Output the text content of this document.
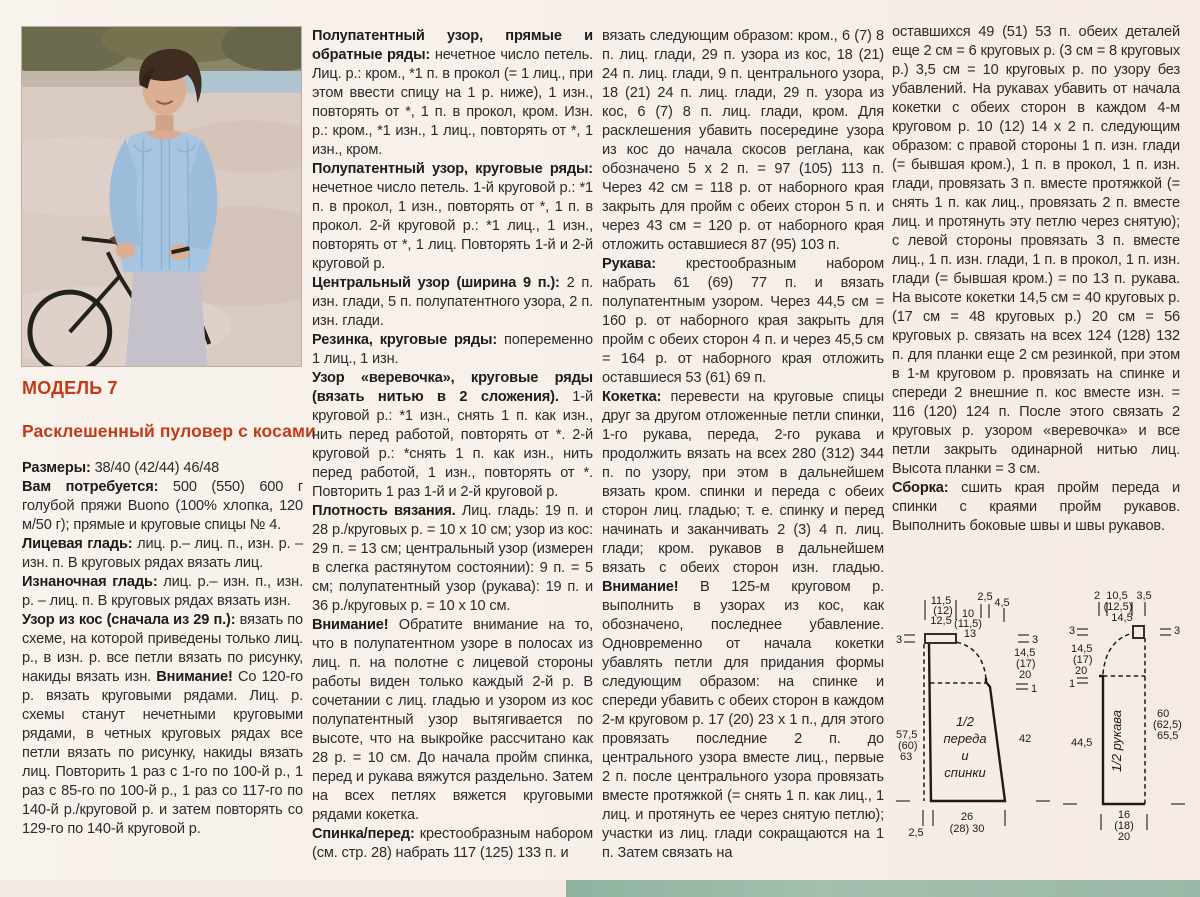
МОДЕЛЬ 7
Расклешенный пуловер с косами

Размеры: 38/40 (42/44) 46/48

Вам потребуется: 500 (550) 600 г голубой пряжи Buono (100% хлопка, 120 м/50 г); прямые и круговые спицы № 4.

Лицевая гладь: лиц. р.– лиц. п., изн. р. – изн. п. В круговых рядах вязать лиц.

Изнаночная гладь: лиц. р.– изн. п., изн. р. – лиц. п. В круговых рядах вязать изн.

Узор из кос (сначала из 29 п.): вязать по схеме, на которой приведены только лиц. р., в изн. р. все петли вязать по рисунку, накиды вязать изн. Внимание! Со 120-го р. вязать круговыми рядами. Лиц. р. схемы станут нечетными круговыми рядами, в четных круговых рядах все петли вязать по рисунку, накиды вязать лиц. Повторить 1 раз с 1-го по 100-й р., 1 раз с 85-го по 100-й р., 1 раз со 117-го по 140-й р./круговой р. и затем повторять со 129-го по 140-й круговой р.

Полупатентный узор, прямые и обратные ряды: нечетное число петель. Лиц. р.: кром., *1 п. в прокол (= 1 лиц., при этом ввести спицу на 1 р. ниже), 1 изн., повторять от *, 1 п. в прокол, кром. Изн. р.: кром., *1 изн., 1 лиц., повторять от *, 1 изн., кром.

Полупатентный узор, круговые ряды: нечетное число петель. 1-й круговой р.: *1 п. в прокол, 1 изн., повторять от *, 1 п. в прокол. 2-й круговой р.: *1 лиц., 1 изн., повторять от *, 1 лиц. Повторять 1-й и 2-й круговой р.

Центральный узор (ширина 9 п.): 2 п. изн. глади, 5 п. полупатентного узора, 2 п. изн. глади.

Резинка, круговые ряды: попеременно 1 лиц., 1 изн.

Узор «веревочка», круговые ряды (вязать нитью в 2 сложения). 1-й круговой р.: *1 изн., снять 1 п. как изн., нить перед работой, повторять от *. 2-й круговой р.: *снять 1 п. как изн., нить перед работой, 1 изн., повторять от *. Повторить 1 раз 1-й и 2-й круговой р.

Плотность вязания. Лиц. гладь: 19 п. и 28 р./круговых р. = 10 х 10 см; узор из кос: 29 п. = 13 см; центральный узор (измерен в слегка растянутом состоянии): 9 п. = 5 см; полупатентный узор (рукава): 19 п. и 36 р./круговых р. = 10 х 10 см.

Внимание! Обратите внимание на то, что в полупатентном узоре в полосах из лиц. п. на полотне с лицевой стороны работы виден только каждый 2-й р. В сочетании с лиц. гладью и узором из кос полупатентный узор вытягивается по высоте, что на выкройке рассчитано как 28 р. = 10 см. До начала пройм спинка, перед и рукава вяжутся раздельно. Затем на всех петлях вяжется круговыми рядами кокетка.

Спинка/перед: крестообразным набором (см. стр. 28) набрать 117 (125) 133 п. и

вязать следующим образом: кром., 6 (7) 8 п. лиц. глади, 29 п. узора из кос, 18 (21) 24 п. лиц. глади, 9 п. центрального узора, 18 (21) 24 п. лиц. глади, 29 п. узора из кос, 6 (7) 8 п. лиц. глади, кром. Для расклешения убавить посередине узора из кос до начала скосов реглана, как обозначено 5 х 2 п. = 97 (105) 113 п. Через 42 см = 118 р. от наборного края закрыть для пройм с обеих сторон 5 п. и через 43 см = 120 р. от наборного края отложить оставшиеся 87 (95) 103 п.

Рукава: крестообразным набором набрать 61 (69) 77 п. и вязать полупатентным узором. Через 44,5 см = 160 р. от наборного края закрыть для пройм с обеих сторон 4 п. и через 45,5 см = 164 р. от наборного края отложить оставшиеся 53 (61) 69 п.

Кокетка: перевести на круговые спицы друг за другом отложенные петли спинки, 1-го рукава, переда, 2-го рукава и продолжить вязать на всех 280 (312) 344 п. по узору, при этом в дальнейшем вязать кром. спинки и переда с обеих сторон лиц. гладью; т. е. спинку и перед начинать и заканчивать 2 (3) 4 п. лиц. глади; кром. рукавов в дальнейшем вязать с обеих сторон изн. гладью. Внимание! В 125-м круговом р. выполнить в узорах из кос, как обозначено, последнее убавление. Одновременно от начала кокетки убавлять петли для придания формы следующим образом: на спинке и спереди убавить с обеих сторон в каждом 2-м круговом р. 17 (20) 23 х 1 п., для этого провязать последние 2 п. до центрального узора вместе лиц., первые 2 п. после центрального узора провязать вместе протяжкой (= снять 1 п. как лиц., 1 лиц. и протянуть ее через снятую петлю); участки из лиц. глади сокращаются на 1 п. Затем связать на

оставшихся 49 (51) 53 п. обеих деталей еще 2 см = 6 круговых р. (3 см = 8 круговых р.) 3,5 см = 10 круговых р. по узору без убавлений. На рукавах убавить от начала кокетки с обеих сторон в каждом 4-м круговом р. 10 (12) 14 х 2 п. следующим образом: с правой стороны 1 п. изн. глади (= бывшая кром.), 1 п. в прокол, 1 п. изн. глади, провязать 3 п. вместе протяжкой (= снять 1 п. как лиц., провязать 2 п. вместе лиц. и протянуть эту петлю через снятую); с левой стороны провязать 3 п. вместе лиц., 1 п. изн. глади, 1 п. в прокол, 1 п. изн. глади (= бывшая кром.) = по 13 п. рукава. На высоте кокетки 14,5 см = 40 круговых р. (17 см = 48 круговых р.) 20 см = 56 круговых р. связать на всех 124 (128) 132 п. для планки еще 2 см резинкой, при этом в 1-м круговом р. провязать на спинке и спереди 2 внешние п. кос вместе изн. = 116 (120) 124 п. После этого связать 2 круговых р. узором «веревочка» и все петли закрыть одинарной нитью лиц. Высота планки = 3 см.

Сборка: сшить края пройм переда и спинки с краями пройм рукавов. Выполнить боковые швы и швы рукавов.

11,5
(12)
12,5
10
(11,5)
13
2,5 4,5
3
57,5
(60)
63
3
14,5
(17)
20
1
42
2,5
26
(28) 30
1/2
переда
и
спинки
2 10,5
(12,5)
14,5
3,5
3
14,5
(17)
20
1
44,5
3
60
(62,5)
65,5
16
(18)
20
1/2 рукава
